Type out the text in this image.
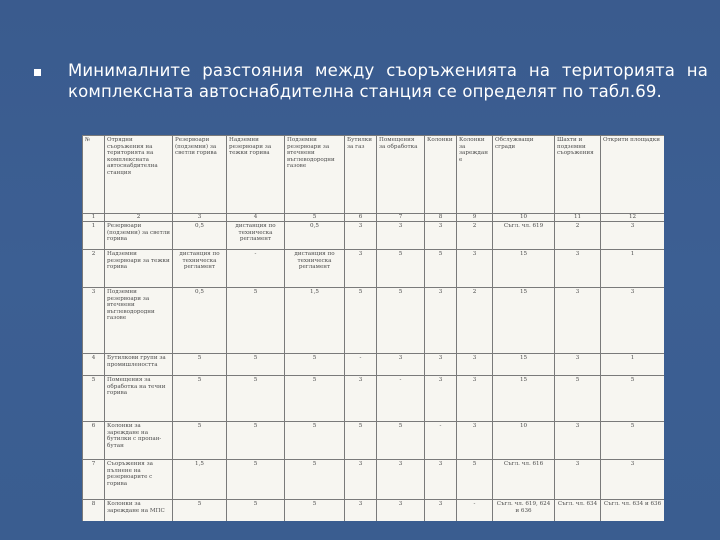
Минималните разстояния между съоръженията на територията на комплексната автоснабдителна станция се определят по табл.69.
№	Отрядни съоръжения на територията на комплексната автоснабдителна станция	Резервоари (подземни) за светли горива	Надземни резервоари за тежки горива	Подземни резервоари за втечнени въглеводородни газове	Бутилки за газ	Помещения за обработка	Колонки	Колонки за зареждане	Обслужващи сгради	Шахти и подземни съоръжения	Открити площадки
1	2	3	4	5	6	7	8	9	10	11	12
1	Резервоари (подземни) за светли горива	0,5	дистанция по техническа регламент	0,5	3	3	3	2	Съгл. чл. 619	2	3
2	Надземни резервоари за тежки горива	дистанция по техническа регламент	-	дистанция по техническа регламент	3	5	5	3	15	3	1
3	Подземни резервоари за втечнени въглеводородни газове	0,5	5	1,5	5	5	3	2	15	3	3
4	Бутилкови групи за промишлеността	5	5	5	-	3	3	3	15	3	1
5	Помещения за обработка на течни горива	5	5	5	3	-	3	3	15	5	5
6	Колонки за зареждане на бутилки с пропан-бутан	5	5	5	5	5	-	3	10	3	5
7	Съоръжения за пълнене на резервоарите с горива	1,5	5	5	3	3	3	5	Съгл. чл. 616	3	3
8	Колонки за зареждане на МПС	5	5	5	3	3	3	-	Съгл. чл. 619, 624 и 636	Съгл. чл. 634	Съгл. чл. 634 и 636
